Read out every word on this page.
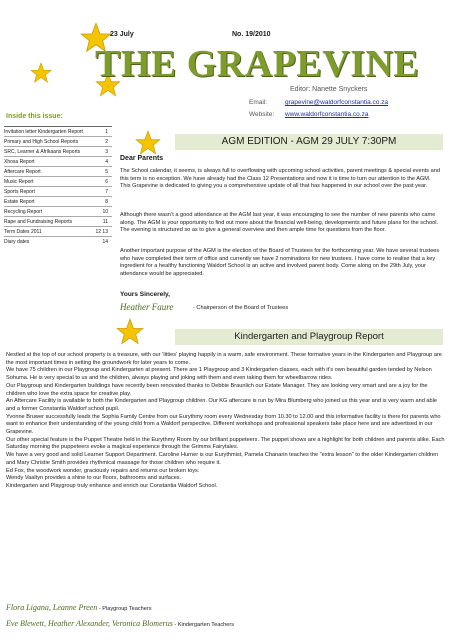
23 July	No. 19/2010
THE GRAPEVINE
Editor: Nanette Snyckers
Email:	grapevine@waldorfconstantia.co.za
Website: www.waldorfconstantia.co.za
Inside this issue:
Invitation letter Kindergarten Report	1
Primary and High School Reports	2
SRC, Learner & Afrikaans Reports	3
Xhosa Report	4
Aftercare Report	5
Music Report	6
Sports Report	7
Estate Report	8
Recycling Report	10
Rape and Fundraising Reports	11
Term Dates 2011	12 13
Diary dates	14
AGM EDITION - AGM 29 JULY 7:30PM
Dear Parents
The School calendar, it seems, is always full to overflowing with upcoming school activities, parent meetings & special events and this term is no exception. We have already had the Class 12 Presentations and now it is time to turn our attention to the AGM. This Grapevine is dedicated to giving you a comprehensive update of all that has happened in our school over the past year.
Although there wasn’t a good attendance at the AGM last year, it was encouraging to see the number of new parents who came along. The AGM is your opportunity to find out more about the financial well-being, developments and future plans for the school. The evening is structured so as to give a general overview and then ample time for questions from the floor.
Another important purpose of the AGM is the election of the Board of Trustees for the forthcoming year. We have several trustees who have completed their term of office and currently we have 2 nominations for new trustees. I have come to realise that a key ingredient for a healthy functioning Waldorf School is an active and involved parent body. Come along on the 29th July, your attendance would be appreciated.
Yours Sincerely,
Heather Faure	- Chairperson of the Board of Trustees
Kindergarten and Playgroup Report

Nestled at the top of our school property is a treasure, with our ‘litties’ playing happily in a warm, safe environment. These formative years in the Kindergarten and Playgroup are the most important times in setting the groundwork for later years to come.

We have 75 children in our Playgroup and Kindergarten at present. There are 1 Playgroup and 3 Kindergarten classes, each with it’s own beautiful garden tended by Nelson Sohuma. He is very special to us and the children, always playing and joking with them and even taking them for wheelbarrow rides.

Our Playgroup and Kindergarten buildings have recently been renovated thanks to Debbie Braunlich our Estate Manager. They are looking very smart and are a joy for the children who love the extra space for creative play.

An Aftercare Facility is available to both the Kindergarten and Playgroup children. Our KG aftercare is run by Mira Blumberg who joined us this year and is very warm and able and a former Constantia Waldorf school pupil.

Yvonne Bruwer successfully leads the Sophia Family Centre from our Eurythmy room every Wednesday from 10.30 to 12.00 and this informative facility is there for parents who want to enhance their understanding of the young child from a Waldorf perspective. Different workshops and professional speakers take place here and are advertised in our Grapevine.

Our other special feature is the Puppet Theatre held in the Eurythmy Room by our brilliant puppeteers. The puppet shows are a highlight for both children and parents alike. Each Saturday morning the puppeteers evoke a magical experience through the Grimms Fairytales.

We have a very good and solid Learner Support Department. Caroline Hurner is our Eurythmist, Pamela Chanarin teaches the "extra lesson" to the older Kindergarten children and Mary Christie Smith provides rhythmical massage for those children who require it.

Ed Fox, the woodwork wonder, graciously repairs and returns our broken toys.

Wendy Vaaltyn provides a shine to our floors, bathrooms and surfaces.

Kindergarten and Playgroup truly enhance and enrich our Constantia Waldorf School.

Flora Ligana, Leanne Preen - Playgroup Teachers
Eve Blewett, Heather Alexander, Veronica Blomerus - Kindergarten Teachers
